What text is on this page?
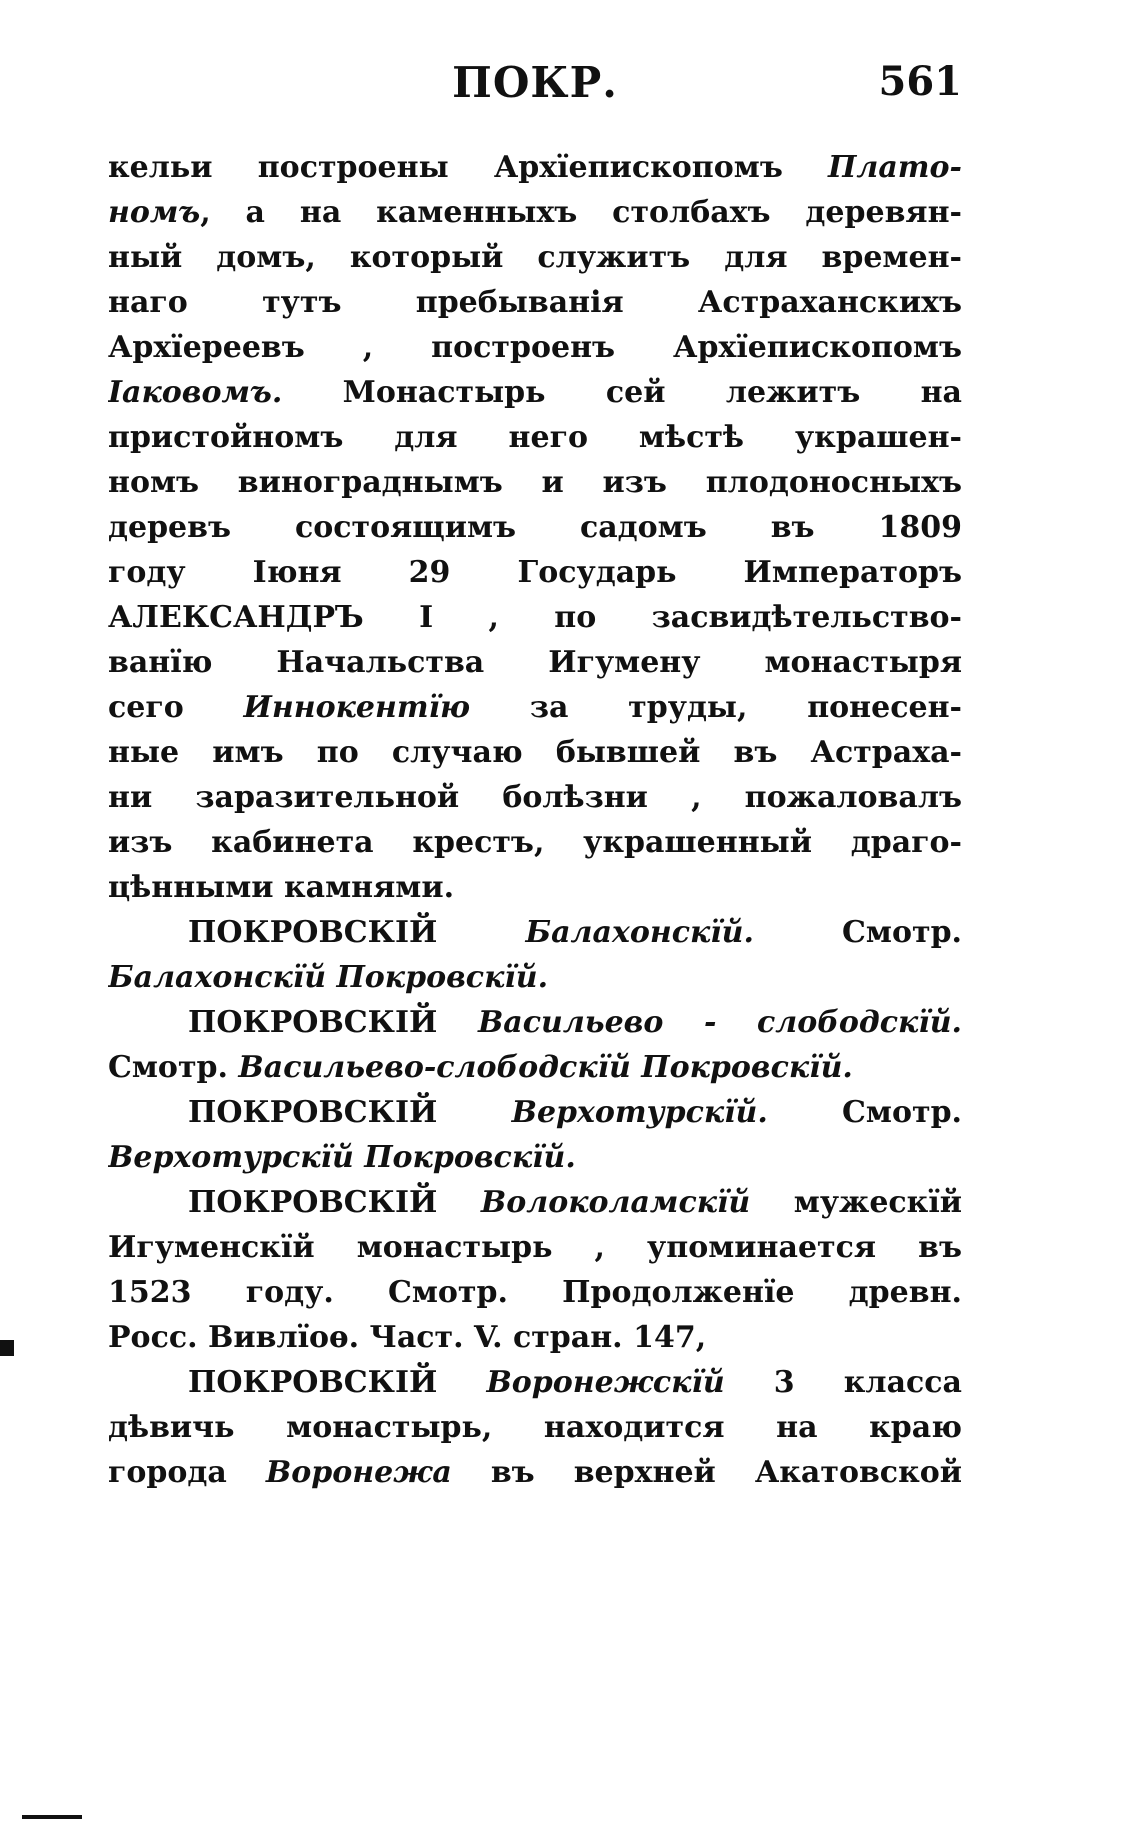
ПОКР.	561
кельи построены Архїепископомъ Плато-
номъ, а на каменныхъ столбахъ деревян-
ный домъ, который служитъ для времен-
наго тутъ пребыванія Астраханскихъ
Архїереевъ , построенъ Архїепископомъ
Іаковомъ. Монастырь сей лежитъ на
пристойномъ для него мѣстѣ украшен-
номъ винограднымъ и изъ плодоносныхъ
деревъ состоящимъ садомъ въ 1809
году Іюня 29 Государь Императоръ
АЛЕКСАНДРЪ I , по засвидѣтельство-
ванїю Начальства Игумену монастыря
сего Иннокентїю за труды, понесен-
ные имъ по случаю бывшей въ Астраха-
ни заразительной болѣзни , пожаловалъ
изъ кабинета крестъ, украшенный драго-
цѣнными камнями.
ПОКРОВСКІЙ Балахонскїй. Смотр.
Балахонскїй Покровскїй.
ПОКРОВСКІЙ Васильево - слободскїй.
Смотр. Васильево-слободскїй Покровскїй.
ПОКРОВСКІЙ Верхотурскїй. Смотр.
Верхотурскїй Покровскїй.
ПОКРОВСКІЙ Волоколамскїй мужескїй
Игуменскїй монастырь , упоминается въ
1523 году. Смотр. Продолженїе древн.
Росс. Вивлїоѳ. Част. V. стран. 147,
ПОКРОВСКІЙ Воронежскїй 3 класса
дѣвичь монастырь, находится на краю
города Воронежа въ верхней Акатовской
